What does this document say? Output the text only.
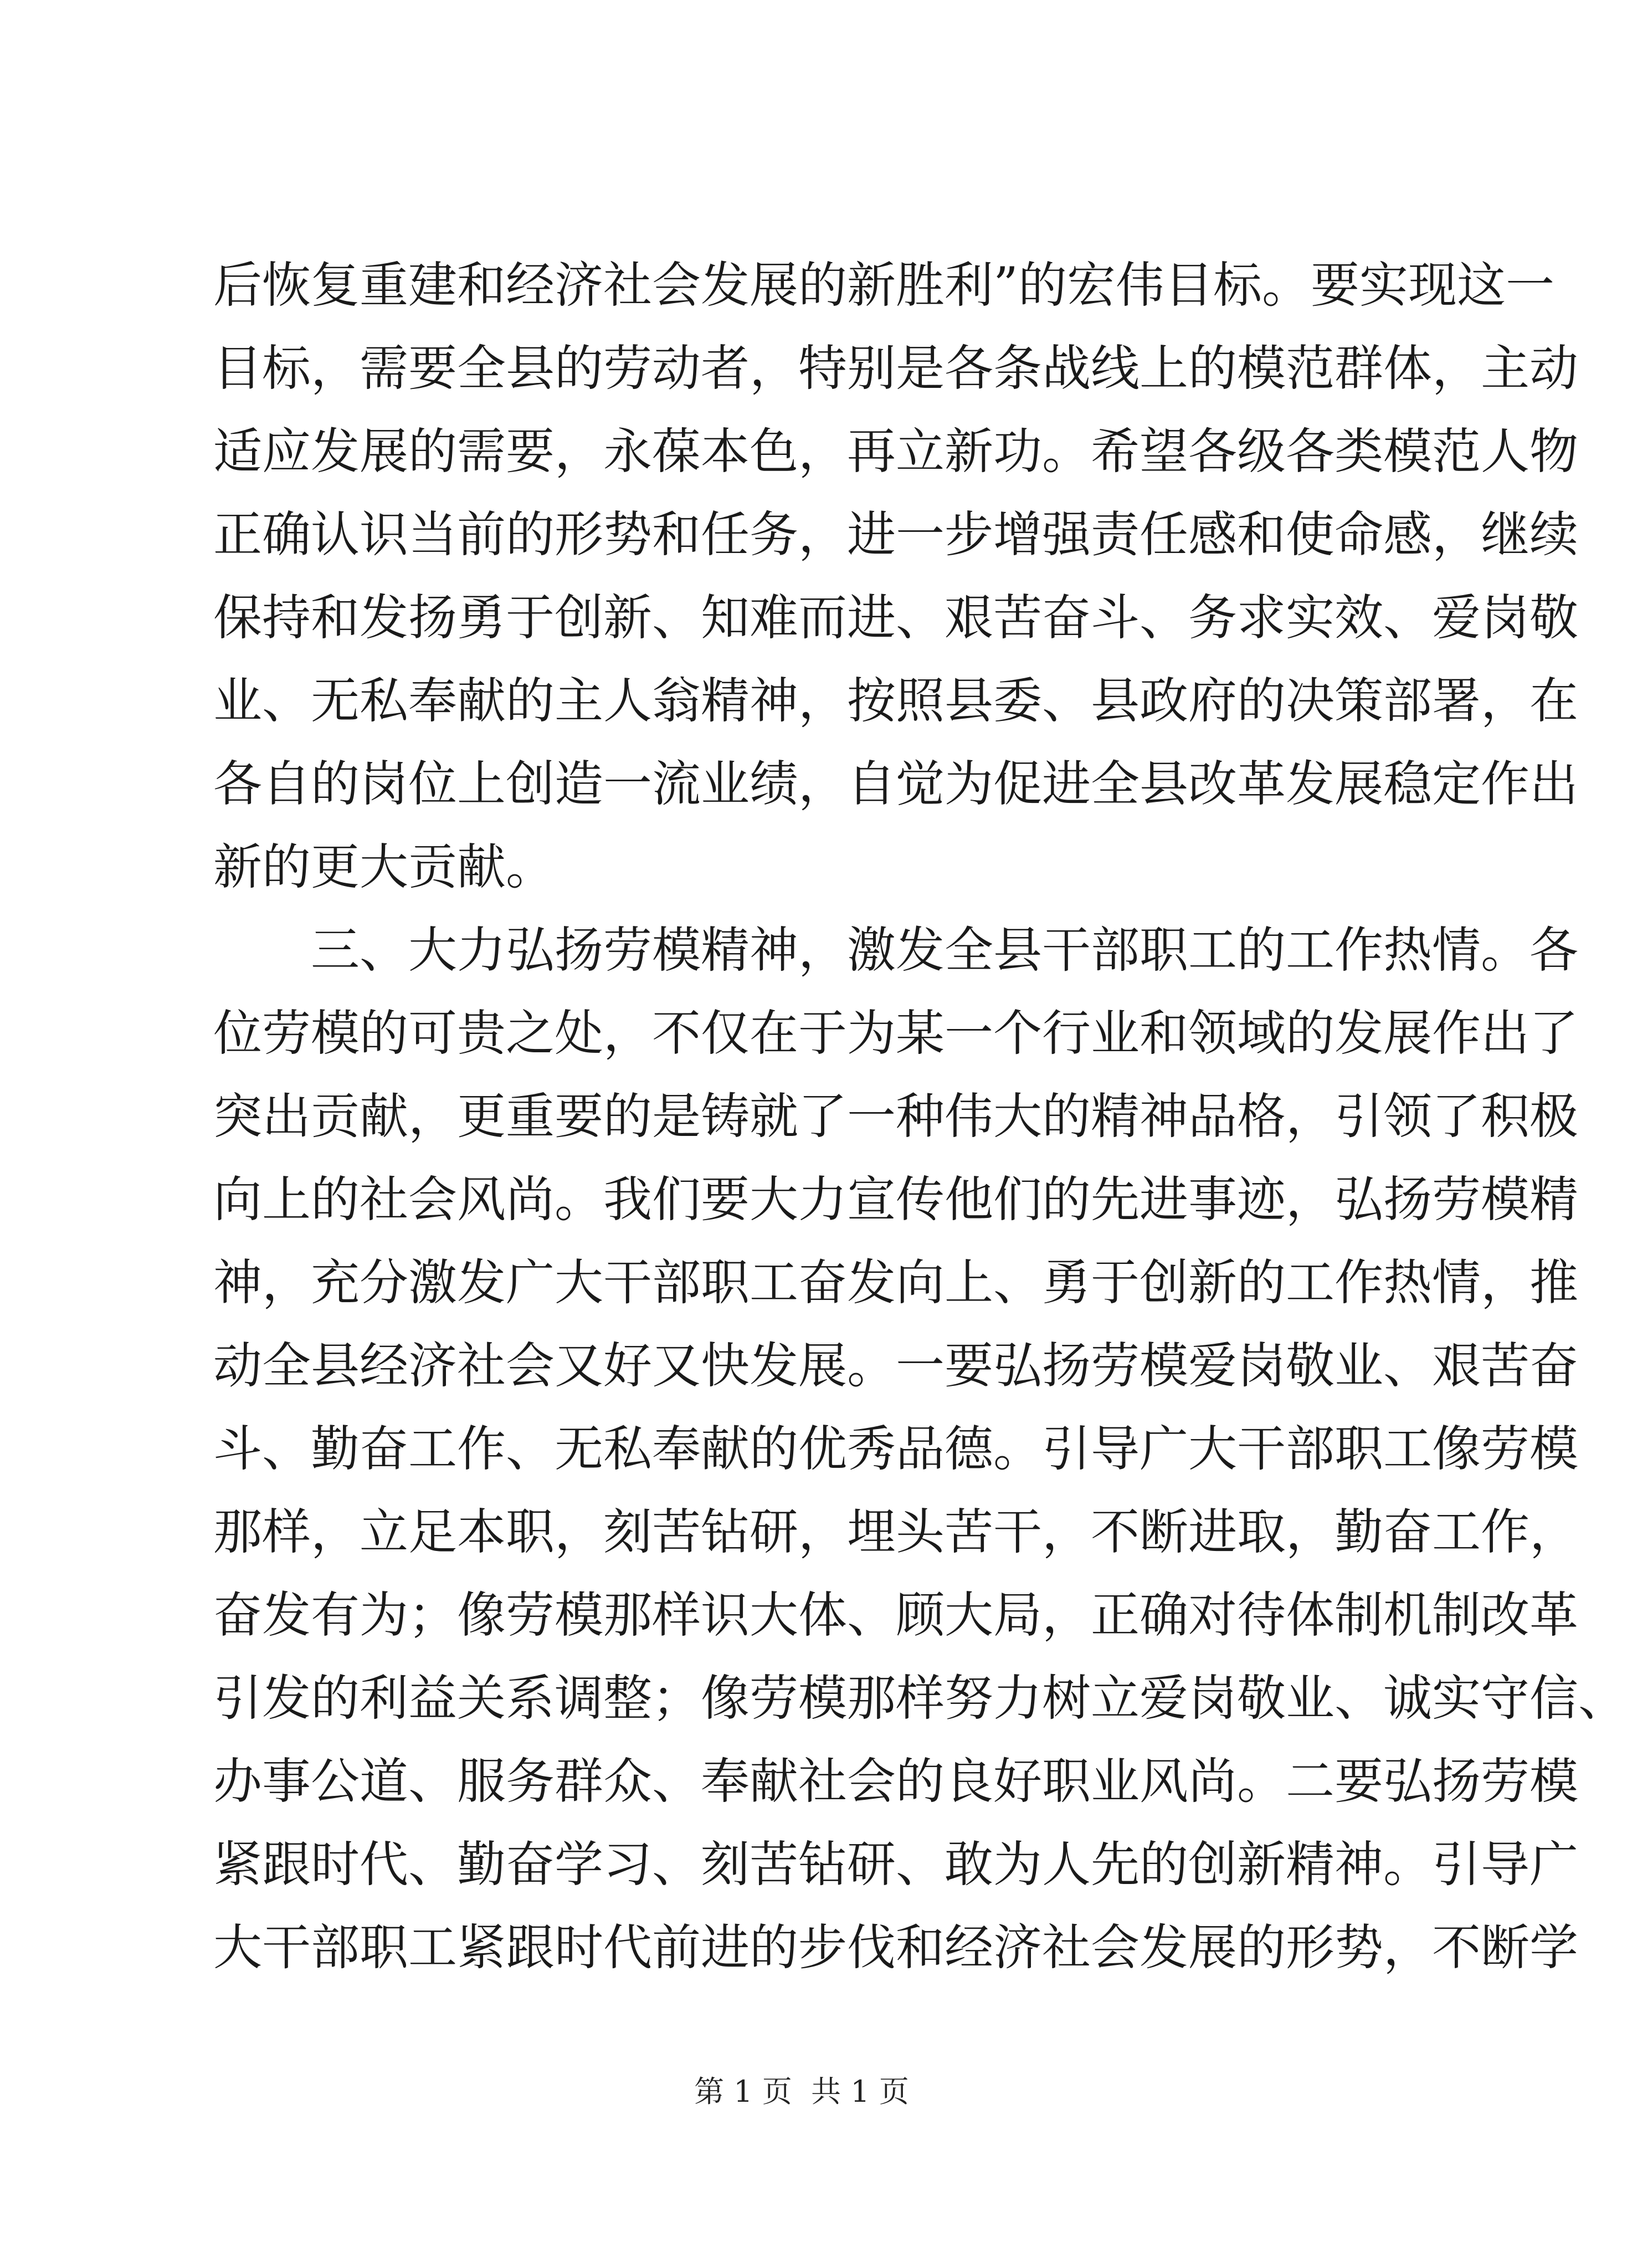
后恢复重建和经济社会发展的新胜利”的宏伟目标。要实现这一
目标，需要全县的劳动者，特别是各条战线上的模范群体，主动
适应发展的需要，永葆本色，再立新功。希望各级各类模范人物
正确认识当前的形势和任务，进一步增强责任感和使命感，继续
保持和发扬勇于创新、知难而进、艰苦奋斗、务求实效、爱岗敬
业、无私奉献的主人翁精神，按照县委、县政府的决策部署，在
各自的岗位上创造一流业绩，自觉为促进全县改革发展稳定作出
新的更大贡献。
三、大力弘扬劳模精神，激发全县干部职工的工作热情。各
位劳模的可贵之处，不仅在于为某一个行业和领域的发展作出了
突出贡献，更重要的是铸就了一种伟大的精神品格，引领了积极
向上的社会风尚。我们要大力宣传他们的先进事迹，弘扬劳模精
神，充分激发广大干部职工奋发向上、勇于创新的工作热情，推
动全县经济社会又好又快发展。一要弘扬劳模爱岗敬业、艰苦奋
斗、勤奋工作、无私奉献的优秀品德。引导广大干部职工像劳模
那样，立足本职，刻苦钻研，埋头苦干，不断进取，勤奋工作，
奋发有为；像劳模那样识大体、顾大局，正确对待体制机制改革
引发的利益关系调整；像劳模那样努力树立爱岗敬业、诚实守信、
办事公道、服务群众、奉献社会的良好职业风尚。二要弘扬劳模
紧跟时代、勤奋学习、刻苦钻研、敢为人先的创新精神。引导广
大干部职工紧跟时代前进的步伐和经济社会发展的形势，不断学
第 1 页  共 1 页
